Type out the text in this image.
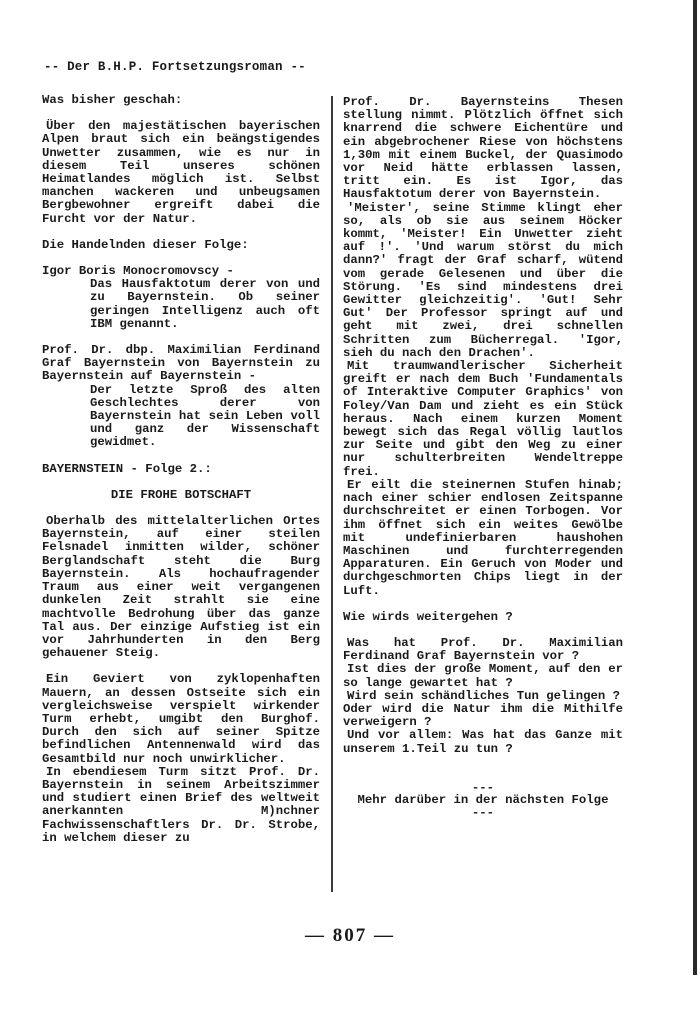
-- Der B.H.P. Fortsetzungsroman --

Was bisher geschah:

Über den majestätischen bayerischen Alpen braut sich ein beängstigendes Unwetter zusammen, wie es nur in diesem Teil unseres schönen Heimatlandes möglich ist. Selbst manchen wackeren und unbeugsamen Bergbewohner ergreift dabei die Furcht vor der Natur.

Die Handelnden dieser Folge:

Igor Boris Monocromovscy -

Das Hausfaktotum derer von und zu Bayernstein. Ob seiner geringen Intelligenz auch oft IBM genannt.

Prof. Dr. dbp. Maximilian Ferdinand Graf Bayernstein von Bayernstein zu Bayernstein auf Bayernstein -

Der letzte Sproß des alten Geschlechtes derer von Bayernstein hat sein Leben voll und ganz der Wissenschaft gewidmet.

BAYERNSTEIN - Folge 2.:

DIE FROHE BOTSCHAFT

Oberhalb des mittelalterlichen Ortes Bayernstein, auf einer steilen Felsnadel inmitten wilder, schöner Berglandschaft steht die Burg Bayernstein. Als hochaufragender Traum aus einer weit vergangenen dunkelen Zeit strahlt sie eine machtvolle Bedrohung über das ganze Tal aus. Der einzige Aufstieg ist ein vor Jahrhunderten in den Berg gehauener Steig.

Ein Geviert von zyklopenhaften Mauern, an dessen Ostseite sich ein vergleichsweise verspielt wirkender Turm erhebt, umgibt den Burghof. Durch den sich auf seiner Spitze befindlichen Antennenwald wird das Gesamtbild nur noch unwirklicher.

In ebendiesem Turm sitzt Prof. Dr. Bayernstein in seinem Arbeitszimmer und studiert einen Brief des weltweit anerkannten M)nchner Fachwissenschaftlers Dr. Dr. Strobe, in welchem dieser zu

Prof. Dr. Bayernsteins Thesen stellung nimmt. Plötzlich öffnet sich knarrend die schwere Eichentüre und ein abgebrochener Riese von höchstens 1,30m mit einem Buckel, der Quasimodo vor Neid hätte erblassen lassen, tritt ein. Es ist Igor, das Hausfaktotum derer von Bayernstein.

'Meister', seine Stimme klingt eher so, als ob sie aus seinem Höcker kommt, 'Meister! Ein Unwetter zieht auf !'. 'Und warum störst du mich dann?' fragt der Graf scharf, wütend vom gerade Gelesenen und über die Störung. 'Es sind mindestens drei Gewitter gleichzeitig'. 'Gut! Sehr Gut' Der Professor springt auf und geht mit zwei, drei schnellen Schritten zum Bücherregal. 'Igor, sieh du nach den Drachen'.

Mit traumwandlerischer Sicherheit greift er nach dem Buch 'Fundamentals of Interaktive Computer Graphics' von Foley/Van Dam und zieht es ein Stück heraus. Nach einem kurzen Moment bewegt sich das Regal völlig lautlos zur Seite und gibt den Weg zu einer nur schulterbreiten Wendeltreppe frei.

Er eilt die steinernen Stufen hinab; nach einer schier endlosen Zeitspanne durchschreitet er einen Torbogen. Vor ihm öffnet sich ein weites Gewölbe mit undefinierbaren haushohen Maschinen und furchterregenden Apparaturen. Ein Geruch von Moder und durchgeschmorten Chips liegt in der Luft.

Wie wirds weitergehen ?

Was hat Prof. Dr. Maximilian Ferdinand Graf Bayernstein vor ?

Ist dies der große Moment, auf den er so lange gewartet hat ?

Wird sein schändliches Tun gelingen ?

Oder wird die Natur ihm die Mithilfe verweigern ?

Und vor allem: Was hat das Ganze mit unserem 1.Teil zu tun ?

---

Mehr darüber in der nächsten Folge

---

— 807 —
